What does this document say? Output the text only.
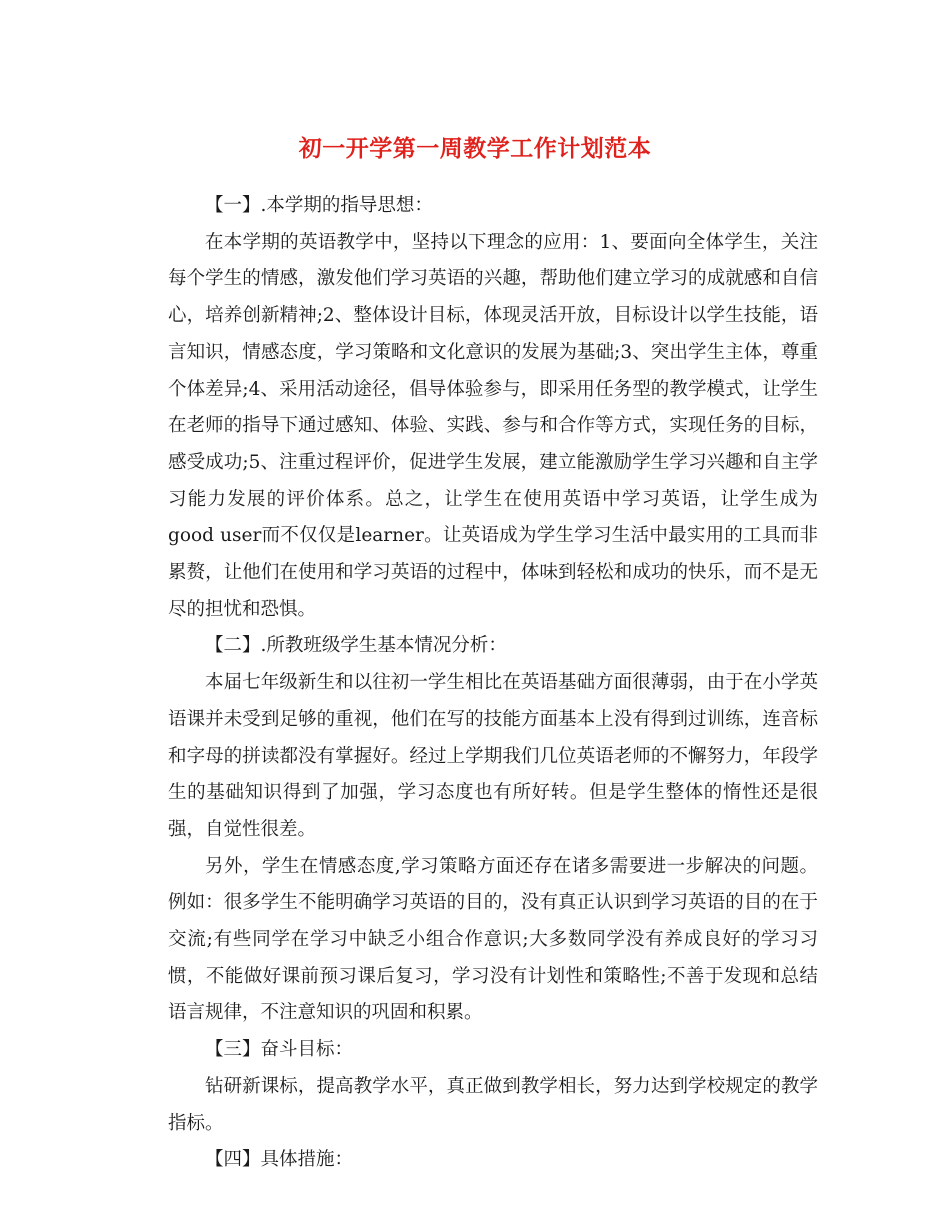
初一开学第一周教学工作计划范本

【一】.本学期的指导思想：

在本学期的英语教学中，坚持以下理念的应用：1、要面向全体学生，关注每个学生的情感，激发他们学习英语的兴趣，帮助他们建立学习的成就感和自信心，培养创新精神;2、整体设计目标，体现灵活开放，目标设计以学生技能，语言知识，情感态度，学习策略和文化意识的发展为基础;3、突出学生主体，尊重个体差异;4、采用活动途径，倡导体验参与，即采用任务型的教学模式，让学生在老师的指导下通过感知、体验、实践、参与和合作等方式，实现任务的目标，感受成功;5、注重过程评价，促进学生发展，建立能激励学生学习兴趣和自主学习能力发展的评价体系。总之，让学生在使用英语中学习英语，让学生成为good user而不仅仅是learner。让英语成为学生学习生活中最实用的工具而非累赘，让他们在使用和学习英语的过程中，体味到轻松和成功的快乐，而不是无尽的担忧和恐惧。

【二】.所教班级学生基本情况分析：

本届七年级新生和以往初一学生相比在英语基础方面很薄弱，由于在小学英语课并未受到足够的重视，他们在写的技能方面基本上没有得到过训练，连音标和字母的拼读都没有掌握好。经过上学期我们几位英语老师的不懈努力，年段学生的基础知识得到了加强，学习态度也有所好转。但是学生整体的惰性还是很强，自觉性很差。

另外，学生在情感态度,学习策略方面还存在诸多需要进一步解决的问题。例如：很多学生不能明确学习英语的目的，没有真正认识到学习英语的目的在于交流;有些同学在学习中缺乏小组合作意识;大多数同学没有养成良好的学习习惯，不能做好课前预习课后复习，学习没有计划性和策略性;不善于发现和总结语言规律，不注意知识的巩固和积累。

【三】奋斗目标：

钻研新课标，提高教学水平，真正做到教学相长，努力达到学校规定的教学指标。

【四】具体措施：
